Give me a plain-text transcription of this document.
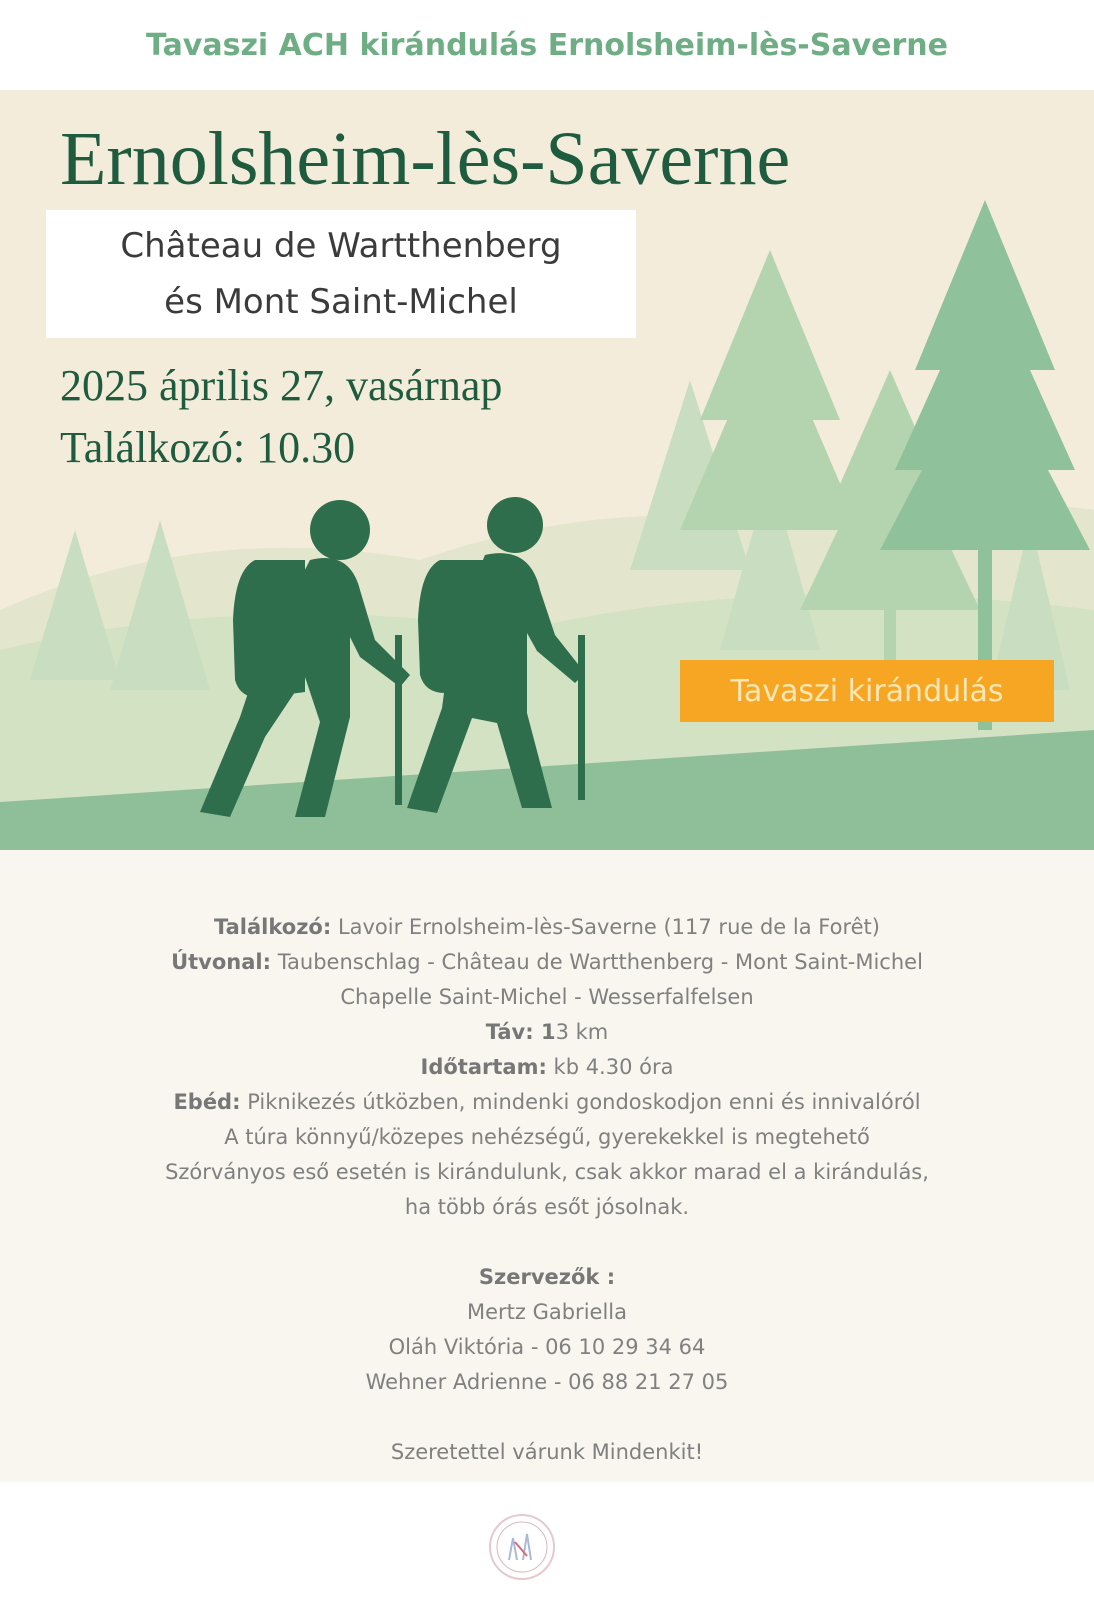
Tavaszi ACH kirándulás Ernolsheim-lès-Saverne
Ernolsheim-lès-Saverne
Château de Wartthenberg
és Mont Saint-Michel
2025 április 27, vasárnap
Találkozó: 10.30
Tavaszi kirándulás

Találkozó: Lavoir Ernolsheim-lès-Saverne (117 rue de la Forêt)

Útvonal: Taubenschlag - Château de Wartthenberg - Mont Saint-Michel

Chapelle Saint-Michel - Wesserfalfelsen

Táv: 13 km

Időtartam: kb 4.30 óra

Ebéd: Piknikezés útközben, mindenki gondoskodjon enni és innivalóról

A túra könnyű/közepes nehézségű, gyerekekkel is megtehető

Szórványos eső esetén is kirándulunk, csak akkor marad el a kirándulás,

ha több órás esőt jósolnak.

Szervezők :

Mertz Gabriella

Oláh Viktória - 06 10 29 34 64

Wehner Adrienne - 06 88 21 27 05

Szeretettel várunk Mindenkit!
